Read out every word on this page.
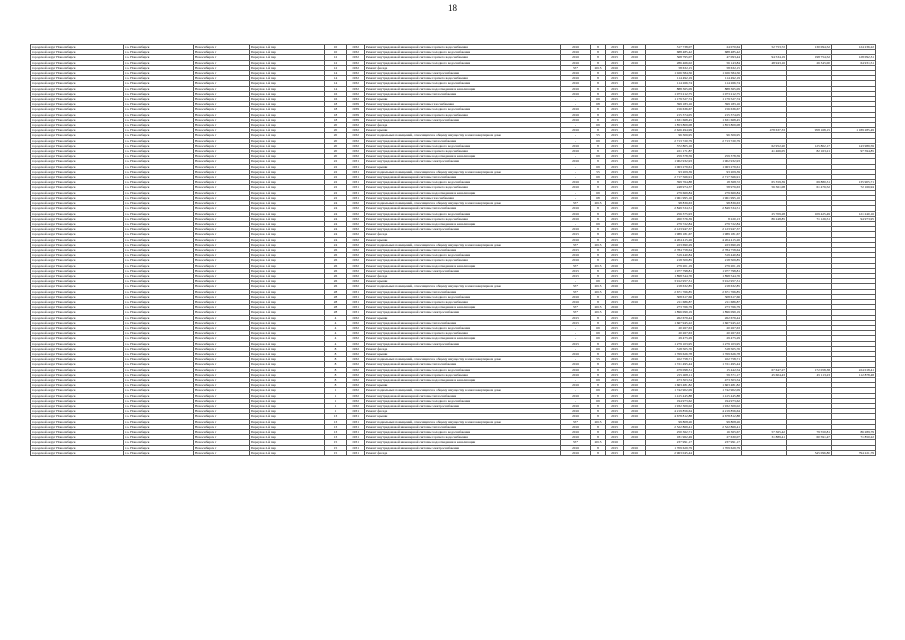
18
городской округ Новосибирск	г.о. Новосибирск	Новосибирск г	Переулок 1-й пер	10	1932	Ремонт внутридомовой инженерной системы горячего водоснабжения	2016	8	2015	2016	317 738,07	24 070,64	52 753,72	130 094,52	124 236,22
городской округ Новосибирск	г.о. Новосибирск	Новосибирск г	Переулок 1-й пер	10	1932	Ремонт внутридомовой инженерной системы холодного водоснабжения	2016	8	2015	2016	688 485,42	688 485,42			
городской округ Новосибирск	г.о. Новосибирск	Новосибирск г	Переулок 1-й пер	12	1932	Ремонт внутридомовой инженерной системы горячего водоснабжения	2016	8	2015	2016	568 795,07	47 093,44	94 534,19	198 754,52	128 092,31
городской округ Новосибирск	г.о. Новосибирск	Новосибирск г	Переулок 1-й пер	12	1932	Ремонт внутридомовой инженерной системы холодного водоснабжения	2016	8	2015	2016	286 466,02	56 143,84	48 943,16	26 345,00	64 931,51
городской округ Новосибирск	г.о. Новосибирск	Новосибирск г	Переулок 1-й пер	12	1932	Ремонт фасада	55*	2015	2016		58 632,15	58 632,15			
городской округ Новосибирск	г.о. Новосибирск	Новосибирск г	Переулок 1-й пер	14	1932	Ремонт внутридомовой инженерной системы электроснабжения	2016	8	2015	2016	1 026 584,56	1 026 584,56			
городской округ Новосибирск	г.о. Новосибирск	Новосибирск г	Переулок 1-й пер	14	1932	Ремонт внутридомовой инженерной системы горячего водоснабжения	2016	8	2015	2016	114 492,19	114 492,19			
городской округ Новосибирск	г.о. Новосибирск	Новосибирск г	Переулок 1-й пер	14	1932	Ремонт внутридомовой инженерной системы холодного водоснабжения	2016	8	2015	2016	114 266,74	114 266,74			
городской округ Новосибирск	г.о. Новосибирск	Новосибирск г	Переулок 1-й пер	14	1932	Ремонт внутридомовой инженерной системы водоотведения и канализации	2016	8	2015	2016	888 365,09	888 365,09			
городской округ Новосибирск	г.о. Новосибирск	Новосибирск г	Переулок 1-й пер	16	1932	Ремонт внутридомовой инженерной системы теплоснабжения	2016	8	2015	2016	1 073 212,75	1 073 212,75			
городской округ Новосибирск	г.о. Новосибирск	Новосибирск г	Переулок 1-й пер	16	1932	Ремонт крыши	-	69	2015	2016	1 179 527,74	1 179 527,74			
городской округ Новосибирск	г.о. Новосибирск	Новосибирск г	Переулок 1-й пер	18	1939	Ремонт внутридомовой инженерной системы газоснабжения	-	68	2015	2016	399 183,16	399 183,16			
городской округ Новосибирск	г.о. Новосибирск	Новосибирск г	Переулок 1-й пер	18	1939	Ремонт внутридомовой инженерной системы холодного водоснабжения	2016	8	2015	2016	156 636,67	156 636,67			
городской округ Новосибирск	г.о. Новосибирск	Новосибирск г	Переулок 1-й пер	18	1939	Ремонт внутридомовой инженерной системы горячего водоснабжения	2016	8	2015	2016	215 374,05	215 374,05			
городской округ Новосибирск	г.о. Новосибирск	Новосибирск г	Переулок 1-й пер	18	1939	Ремонт внутридомовой инженерной системы электроснабжения	2016	8	2015	2016	1 631 668,45	1 631 668,45			
городской округ Новосибирск	г.о. Новосибирск	Новосибирск г	Переулок 1-й пер	20	1932	Ремонт фасада	-	69	2015	2016	1 853 809,08	1 853 809,08			
городской округ Новосибирск	г.о. Новосибирск	Новосибирск г	Переулок 1-й пер	20	1932	Ремонт крыши	2016	8	2015	2016	2 626 494,99		478 637,33	958 168,15	1 189 285,49
городской округ Новосибирск	г.о. Новосибирск	Новосибирск г	Переулок 1-й пер	20	1932	Ремонт подвальных помещений, относящихся к общему имуществу в многоквартирном доме	-	55	2015	2016	96 306,95	96 306,95			
городской округ Новосибирск	г.о. Новосибирск	Новосибирск г	Переулок 1-й пер	20	1932	Ремонт внутридомовой инженерной системы теплоснабжения	-	69	2015	2016	2 713 720,79	2 713 720,79			
городской округ Новосибирск	г.о. Новосибирск	Новосибирск г	Переулок 1-й пер	20	1932	Ремонт внутридомовой инженерной системы холодного водоснабжения	2016	8	2015	2016	372 805,16		62 952,20	125 802,17	143 989,59
городской округ Новосибирск	г.о. Новосибирск	Новосибирск г	Переулок 1-й пер	20	1932	Ремонт внутридомовой инженерной системы горячего водоснабжения	2016	8	2015	2016	221 171,87		41 466,05	82 163,21	97 594,85
городской округ Новосибирск	г.о. Новосибирск	Новосибирск г	Переулок 1-й пер	20	1932	Ремонт внутридомовой инженерной системы водоотведения и канализации	-	69	2015	2016	259 378,59	259 378,59			
городской округ Новосибирск	г.о. Новосибирск	Новосибирск г	Переулок 1-й пер	22	1931	Ремонт внутридомовой инженерной системы электроснабжения	2016	8	2015	2016	1 902 932,93	1 902 932,93			
городской округ Новосибирск	г.о. Новосибирск	Новосибирск г	Переулок 1-й пер	22	1931	Ремонт крыши	-	69	2015	2016	1 063 279,61	1 063 279,61			
городской округ Новосибирск	г.о. Новосибирск	Новосибирск г	Переулок 1-й пер	22	1931	Ремонт подвальных помещений, относящихся к общему имуществу в многоквартирном доме	-	55	2015	2016	93 209,39	93 209,39			
городской округ Новосибирск	г.о. Новосибирск	Новосибирск г	Переулок 1-й пер	22	1931	Ремонт внутридомовой инженерной системы теплоснабжения	-	69	2015	2016	2 717 566,91	2 717 566,91			
городской округ Новосибирск	г.о. Новосибирск	Новосибирск г	Переулок 1-й пер	22	1931	Ремонт внутридомовой инженерной системы холодного водоснабжения	2016	8	2015	2016	399 764,88	18 368,72	65 359,39	69 880,31	135 905,71
городской округ Новосибирск	г.о. Новосибирск	Новосибирск г	Переулок 1-й пер	22	1931	Ремонт внутридомовой инженерной системы горячего водоснабжения	2016	8	2015	2016	248 974,37	58 976,63	56 361,08	61 476,52	72 166,94
городской округ Новосибирск	г.о. Новосибирск	Новосибирск г	Переулок 1-й пер	22	1931	Ремонт внутридомовой инженерной системы водоотведения и канализации	-	69	2015	2016	279 669,84	279 669,84			
городской округ Новосибирск	г.о. Новосибирск	Новосибирск г	Переулок 1-й пер	22	1931	Ремонт внутридомовой инженерной системы газоснабжения	-	68	2015	2016	1 961 995,16	1 961 995,16			
городской округ Новосибирск	г.о. Новосибирск	Новосибирск г	Переулок 1-й пер	24	1932	Ремонт подвальных помещений, относящихся к общему имуществу в многоквартирном доме	55*	2015	2016		98 836,63	98 836,63			
городской округ Новосибирск	г.о. Новосибирск	Новосибирск г	Переулок 1-й пер	24	1932	Ремонт внутридомовой инженерной системы теплоснабжения	2016	8	2015	2016	2 849 534,51	2 849 534,51			
городской округ Новосибирск	г.о. Новосибирск	Новосибирск г	Переулок 1-й пер	24	1932	Ремонт внутридомовой инженерной системы холодного водоснабжения	2016	8	2015	2016	256 375,93		25 709,28	109 425,49	121 240,16
городской округ Новосибирск	г.о. Новосибирск	Новосибирск г	Переулок 1-й пер	24	1932	Ремонт внутридомовой инженерной системы горячего водоснабжения	2016	8	2015	2016	260 576,39	8 220,13	86 248,85	71 126,51	94 973,95
городской округ Новосибирск	г.о. Новосибирск	Новосибирск г	Переулок 1-й пер	24	1932	Ремонт внутридомовой инженерной системы водоотведения и канализации	-	69	2015	2016	279 722,84	279 722,84			
городской округ Новосибирск	г.о. Новосибирск	Новосибирск г	Переулок 1-й пер	24	1932	Ремонт внутридомовой инженерной системы электроснабжения	2016	8	2015	2016	2 123 947,37	2 123 947,37			
городской округ Новосибирск	г.о. Новосибирск	Новосибирск г	Переулок 1-й пер	24	1932	Ремонт фасада	2015	8	2015	2016	1 989 181,67	1 989 181,67			
городской округ Новосибирск	г.о. Новосибирск	Новосибирск г	Переулок 1-й пер	24	1932	Ремонт крыши	2016	8	2015	2016	4 204 415,26	4 204 415,26			
городской округ Новосибирск	г.о. Новосибирск	Новосибирск г	Переулок 1-й пер	24	1932	Ремонт подвальных помещений, относящихся к общему имуществу в многоквартирном доме	55*	2015	2016		223 690,29	223 690,29			
городской округ Новосибирск	г.о. Новосибирск	Новосибирск г	Переулок 1-й пер	26	1932	Ремонт внутридомовой инженерной системы теплоснабжения	2015	8	2015	2016	2 784 758,64	2 784 758,64			
городской округ Новосибирск	г.о. Новосибирск	Новосибирск г	Переулок 1-й пер	26	1932	Ремонт внутридомовой инженерной системы холодного водоснабжения	2016	8	2015	2016	319 440,84	319 440,84			
городской округ Новосибирск	г.о. Новосибирск	Новосибирск г	Переулок 1-й пер	26	1932	Ремонт внутридомовой инженерной системы горячего водоснабжения	2016	8	2015	2016	218 509,85	218 509,85			
городской округ Новосибирск	г.о. Новосибирск	Новосибирск г	Переулок 1-й пер	26	1932	Ремонт внутридомовой инженерной системы водоотведения и канализации	55*	2015	2016		279 201,19	279 201,19			
городской округ Новосибирск	г.о. Новосибирск	Новосибирск г	Переулок 1-й пер	26	1932	Ремонт внутридомовой инженерной системы электроснабжения	2015	8	2015	2016	1 977 798,81	1 977 798,81			
городской округ Новосибирск	г.о. Новосибирск	Новосибирск г	Переулок 1-й пер	26	1932	Ремонт фасада	2015	8	2015	2016	1 898 544,76	1 898 544,76			
городской округ Новосибирск	г.о. Новосибирск	Новосибирск г	Переулок 1-й пер	26	1932	Ремонт крыши	-	69	2015	2016	3 912 957,31	3 912 957,31			
городской округ Новосибирск	г.о. Новосибирск	Новосибирск г	Переулок 1-й пер	26	1932	Ремонт подвальных помещений, относящихся к общему имуществу в многоквартирном доме	55*	2015	2016		218 632,85	218 632,85			
городской округ Новосибирск	г.о. Новосибирск	Новосибирск г	Переулок 1-й пер	28	1931	Ремонт внутридомовой инженерной системы теплоснабжения	55*	2015	2016		2 671 766,85	2 671 766,85			
городской округ Новосибирск	г.о. Новосибирск	Новосибирск г	Переулок 1-й пер	28	1931	Ремонт внутридомовой инженерной системы холодного водоснабжения	2016	8	2015	2016	308 617,66	308 617,66			
городской округ Новосибирск	г.о. Новосибирск	Новосибирск г	Переулок 1-й пер	28	1931	Ремонт внутридомовой инженерной системы горячего водоснабжения	2016	8	2015	2016	211 686,87	211 686,87			
городской округ Новосибирск	г.о. Новосибирск	Новосибирск г	Переулок 1-й пер	28	1931	Ремонт внутридомовой инженерной системы водоотведения и канализации	55*	2015	2016		273 766,79	273 766,79			
городской округ Новосибирск	г.о. Новосибирск	Новосибирск г	Переулок 1-й пер	28	1931	Ремонт внутридомовой инженерной системы электроснабжения	55*	2015	2016		1 896 099,19	1 896 099,19			
городской округ Новосибирск	г.о. Новосибирск	Новосибирск г	Переулок 2-й пер	4	1932	Ремонт крыши	2015	8	2015	2016	262 679,44	262 679,44			
городской округ Новосибирск	г.о. Новосибирск	Новосибирск г	Переулок 2-й пер	4	1932	Ремонт внутридомовой инженерной системы теплоснабжения	2015	8	2015	2016	1 667 945,22	1 667 945,22			
городской округ Новосибирск	г.о. Новосибирск	Новосибирск г	Переулок 2-й пер	4	1932	Ремонт внутридомовой инженерной системы холодного водоснабжения	-	69	2015	2016	20 267,63	20 267,63			
городской округ Новосибирск	г.о. Новосибирск	Новосибирск г	Переулок 2-й пер	4	1932	Ремонт внутридомовой инженерной системы горячего водоснабжения	-	69	2015	2016	20 267,63	20 267,63			
городской округ Новосибирск	г.о. Новосибирск	Новосибирск г	Переулок 2-й пер	4	1932	Ремонт внутридомовой инженерной системы водоотведения и канализации	-	69	2015	2016	29 475,29	29 475,29			
городской округ Новосибирск	г.о. Новосибирск	Новосибирск г	Переулок 2-й пер	4	1932	Ремонт внутридомовой инженерной системы электроснабжения	2015	8	2015	2016	1 279 103,95	1 279 103,95			
городской округ Новосибирск	г.о. Новосибирск	Новосибирск г	Переулок 2-й пер	8	1932	Ремонт фасада	-	69	2015	2016	318 505,76	318 505,76			
городской округ Новосибирск	г.о. Новосибирск	Новосибирск г	Переулок 2-й пер	8	1932	Ремонт крыши	2016	8	2015	2016	1 769 626,78	1 769 626,78			
городской округ Новосибирск	г.о. Новосибирск	Новосибирск г	Переулок 2-й пер	8	1932	Ремонт подвальных помещений, относящихся к общему имуществу в многоквартирном доме	-	55	2015	2016	102 758,71	102 758,71			
городской округ Новосибирск	г.о. Новосибирск	Новосибирск г	Переулок 2-й пер	8	1932	Ремонт внутридомовой инженерной системы теплоснабжения	2016	8	2015	2016	1 721 495,44	1 721 495,44			
городской округ Новосибирск	г.о. Новосибирск	Новосибирск г	Переулок 2-й пер	8	1932	Ремонт внутридомовой инженерной системы холодного водоснабжения	2016	8	2015	2016	479 098,31	15 442,54	67 647,27	172 058,38	224 018,41
городской округ Новосибирск	г.о. Новосибирск	Новосибирск г	Переулок 2-й пер	8	1932	Ремонт внутридомовой инженерной системы горячего водоснабжения	2016	8	2015	2016	215 408,11	59 371,17	45 604,43	45 113,23	112 878,48
городской округ Новосибирск	г.о. Новосибирск	Новосибирск г	Переулок 2-й пер	8	1932	Ремонт внутридомовой инженерной системы водоотведения и канализации	-	69	2015	2016	473 303,54	473 303,54			
городской округ Новосибирск	г.о. Новосибирск	Новосибирск г	Переулок 2-й пер	8	1932	Ремонт крыши	2016	8	2015	2016	1 663 481,82	1 663 481,82			
городской округ Новосибирск	г.о. Новосибирск	Новосибирск г	Переулок 2-й пер	1	1932	Ремонт подвальных помещений, относящихся к общему имуществу в многоквартирном доме	-	69	2015	2016	1 742 902,09	1 742 902,09			
городской округ Новосибирск	г.о. Новосибирск	Новосибирск г	Переулок 2-й пер	1	1932	Ремонт внутридомовой инженерной системы теплоснабжения	2016	8	2015	2016	1 415 445,88	1 415 445,88			
городской округ Новосибирск	г.о. Новосибирск	Новосибирск г	Переулок 2-й пер	1	1932	Ремонт внутридомовой инженерной системы холодного водоснабжения	-	69	2015	2016	194 973,62	194 973,62			
городской округ Новосибирск	г.о. Новосибирск	Новосибирск г	Переулок 2-й пер	1	1932	Ремонт внутридомовой инженерной системы электроснабжения	2016	8	2015	2016	1 932 309,02	1 932 309,02			
городской округ Новосибирск	г.о. Новосибирск	Новосибирск г	Переулок 2-й пер	1	1931	Ремонт фасада	2016	8	2015	2016	4 219 856,64	4 219 856,64			
городской округ Новосибирск	г.о. Новосибирск	Новосибирск г	Переулок 2-й пер	13	1931	Ремонт крыши	2016	8	2015	2016	4 678 812,88	4 678 812,88			
городской округ Новосибирск	г.о. Новосибирск	Новосибирск г	Переулок 2-й пер	13	1931	Ремонт подвальных помещений, относящихся к общему имуществу в многоквартирном доме	55*	2015	2016		99 808,26	99 808,26			
городской округ Новосибирск	г.о. Новосибирск	Новосибирск г	Переулок 2-й пер	13	1931	Ремонт внутридомовой инженерной системы теплоснабжения	2016	8	2015	2016	2 522 869,41	2 522 869,41			
городской округ Новосибирск	г.о. Новосибирск	Новосибирск г	Переулок 2-й пер	13	1931	Ремонт внутридомовой инженерной системы холодного водоснабжения	2016	8	2015	2016	250 362,71	16 365,67	57 365,42	79 550,81	86 289,79
городской округ Новосибирск	г.о. Новосибирск	Новосибирск г	Переулок 2-й пер	13	1931	Ремонт внутридомовой инженерной системы горячего водоснабжения	2016	8	2015	2016	181 962,49	27 630,07	31 889,41	60 591,47	71 850,22
городской округ Новосибирск	г.о. Новосибирск	Новосибирск г	Переулок 2-й пер	15	1931	Ремонт внутридомовой инженерной системы водоотведения и канализации	55*	2015	2016		237 991,17	237 991,17			
городской округ Новосибирск	г.о. Новосибирск	Новосибирск г	Переулок 2-й пер	15	1931	Ремонт внутридомовой инженерной системы электроснабжения	2016	8	2015	2016	1 709 629,79	1 709 629,79			
городской округ Новосибирск	г.о. Новосибирск	Новосибирск г	Переулок 2-й пер	15	1931	Ремонт фасада	2016	8	2015	2016	2 963 045,44			545 096,80	794 221,79
